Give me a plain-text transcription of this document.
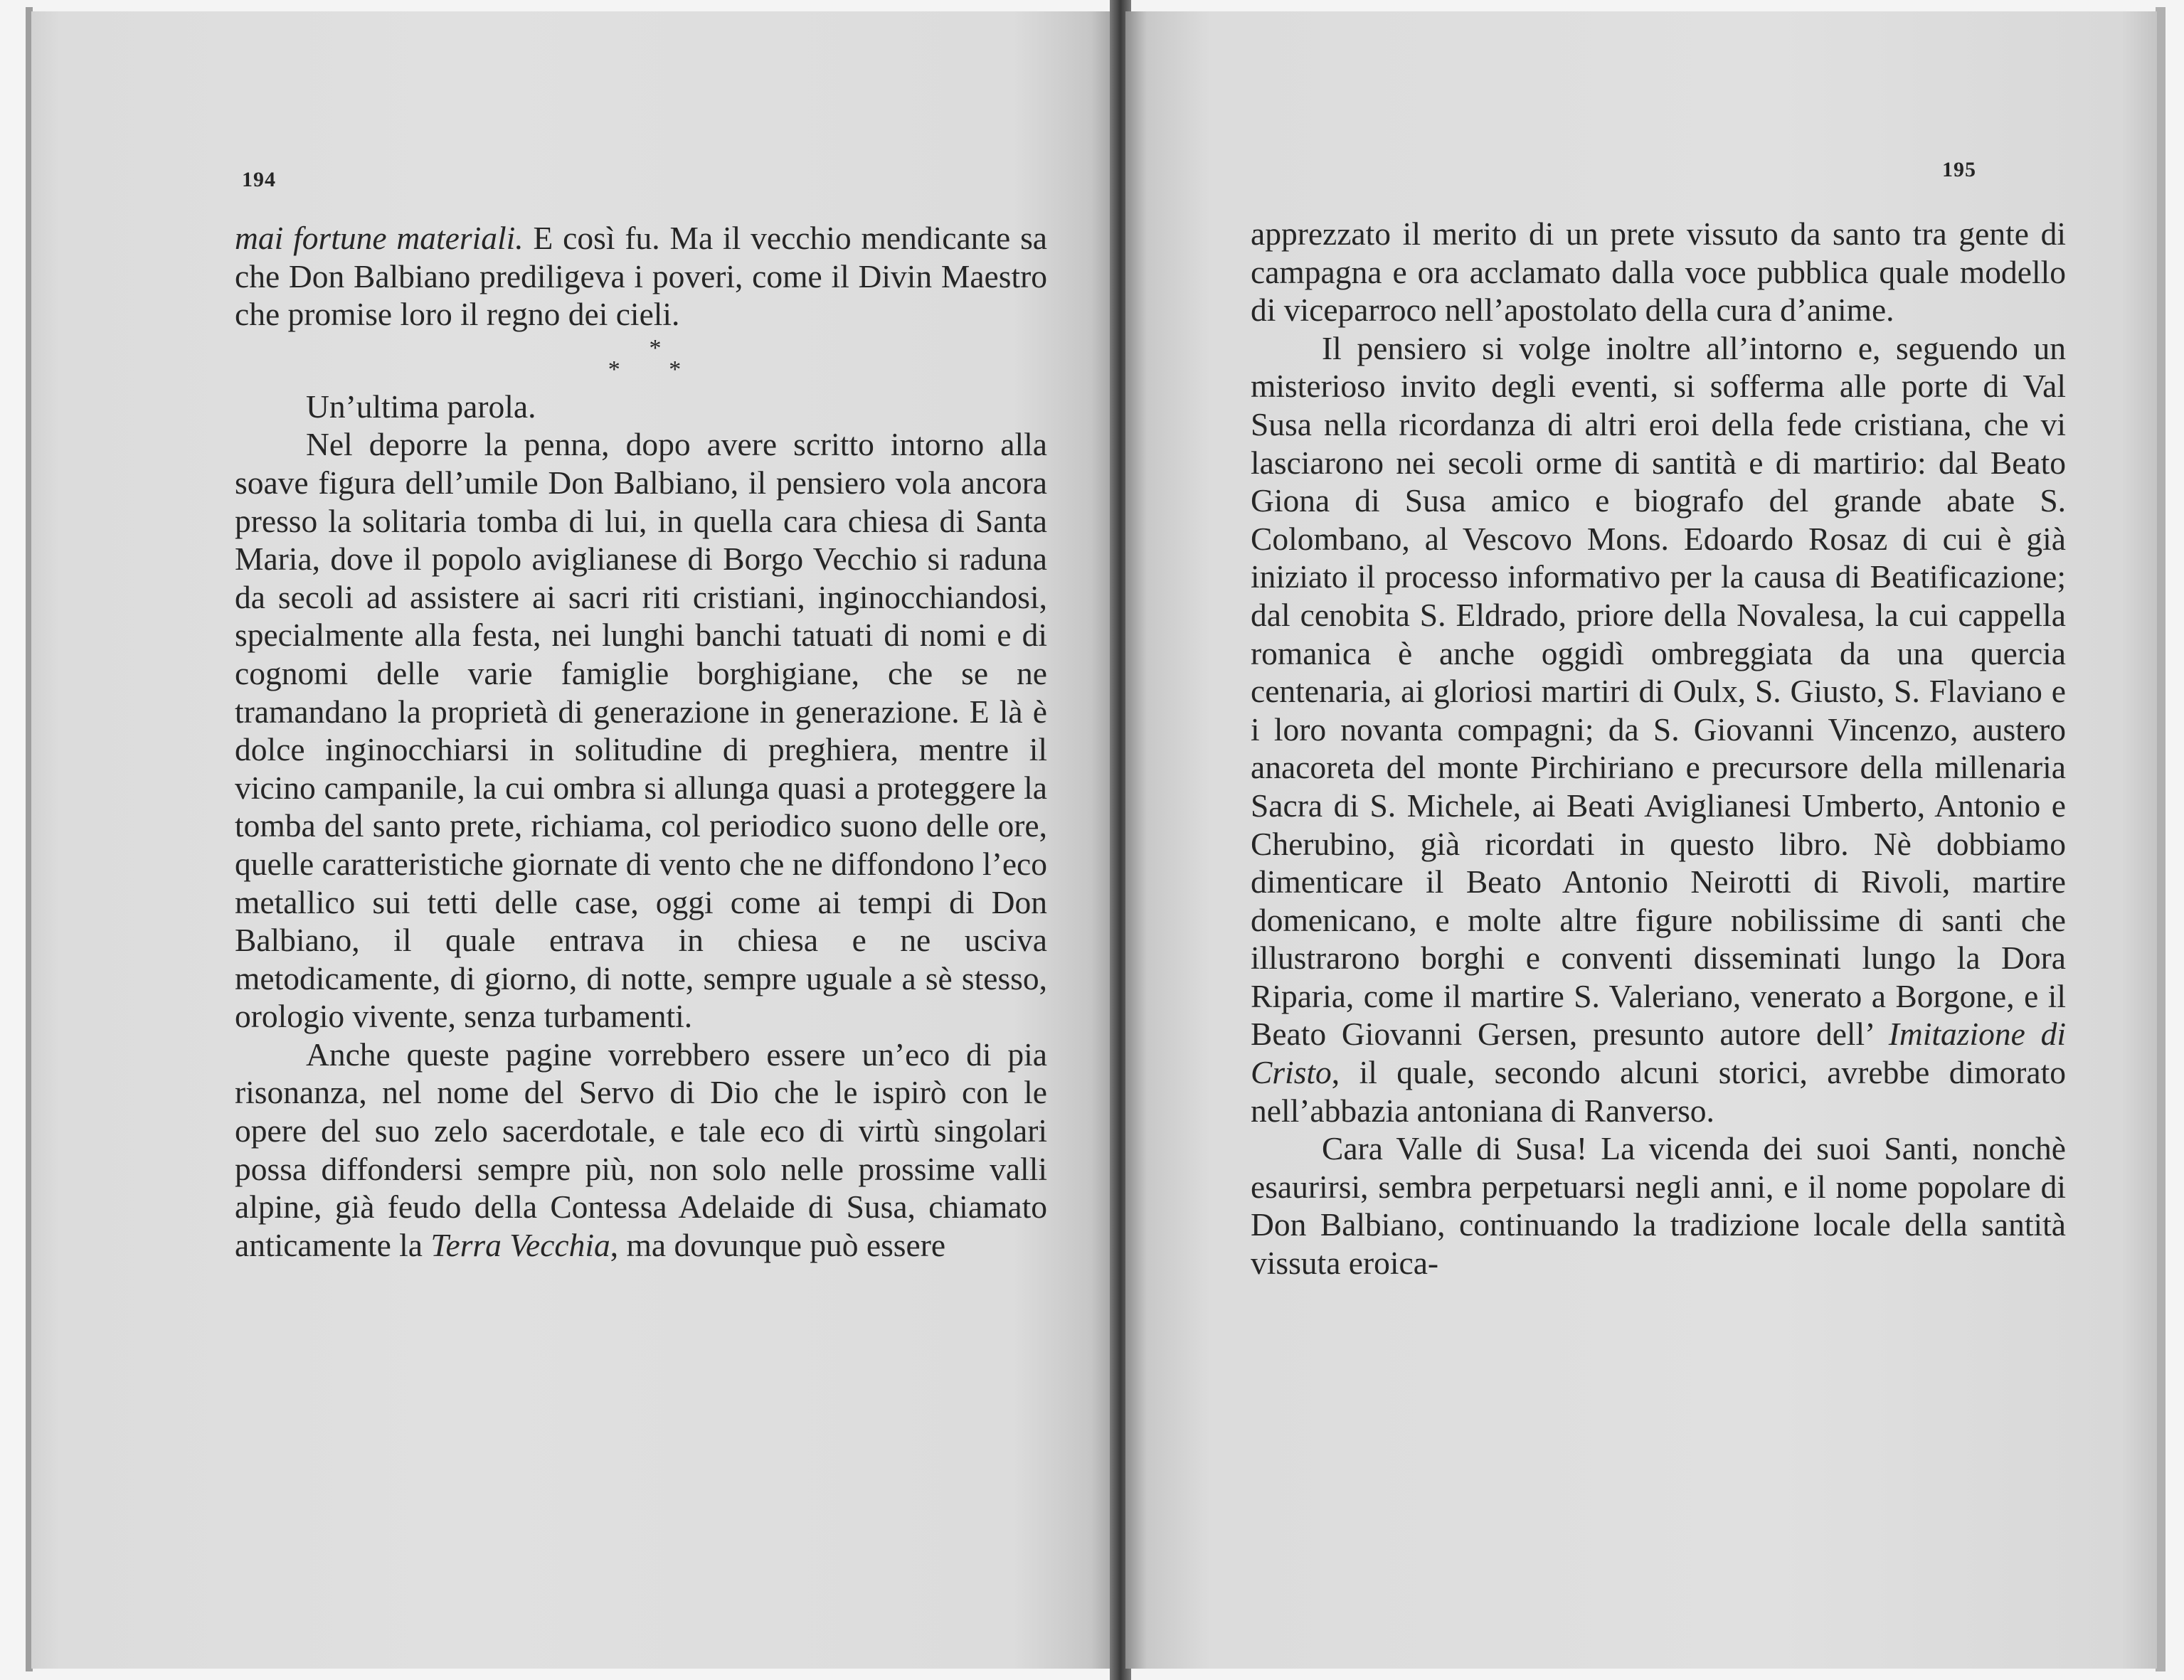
194

mai fortune materiali. E così fu. Ma il vecchio mendicante sa che Don Balbiano prediligeva i poveri, come il Divin Maestro che promise loro il regno dei cieli.

*
* *

Un’ultima parola.

Nel deporre la penna, dopo avere scritto intorno alla soave figura dell’umile Don Balbiano, il pensiero vola ancora presso la solitaria tomba di lui, in quella cara chiesa di Santa Maria, dove il popolo aviglianese di Borgo Vecchio si raduna da secoli ad assistere ai sacri riti cristiani, inginocchiandosi, specialmente alla festa, nei lunghi banchi tatuati di nomi e di cognomi delle varie famiglie borghigiane, che se ne tramandano la proprietà di generazione in generazione. E là è dolce inginocchiarsi in solitudine di preghiera, mentre il vicino campanile, la cui ombra si allunga quasi a proteggere la tomba del santo prete, richiama, col periodico suono delle ore, quelle caratteristiche giornate di vento che ne diffondono l’eco metallico sui tetti delle case, oggi come ai tempi di Don Balbiano, il quale entrava in chiesa e ne usciva metodicamente, di giorno, di notte, sempre uguale a sè stesso, orologio vivente, senza turbamenti.

Anche queste pagine vorrebbero essere un’eco di pia risonanza, nel nome del Servo di Dio che le ispirò con le opere del suo zelo sacerdotale, e tale eco di virtù singolari possa diffondersi sempre più, non solo nelle prossime valli alpine, già feudo della Contessa Adelaide di Susa, chiamato anticamente la Terra Vecchia, ma dovunque può essere

195

apprezzato il merito di un prete vissuto da santo tra gente di campagna e ora acclamato dalla voce pubblica quale modello di viceparroco nell’apostolato della cura d’anime.

Il pensiero si volge inoltre all’intorno e, seguendo un misterioso invito degli eventi, si sofferma alle porte di Val Susa nella ricordanza di altri eroi della fede cristiana, che vi lasciarono nei secoli orme di santità e di martirio: dal Beato Giona di Susa amico e biografo del grande abate S. Colombano, al Vescovo Mons. Edoardo Rosaz di cui è già iniziato il processo informativo per la causa di Beatificazione; dal cenobita S. Eldrado, priore della Novalesa, la cui cappella romanica è anche oggidì ombreggiata da una quercia centenaria, ai gloriosi martiri di Oulx, S. Giusto, S. Flaviano e i loro novanta compagni; da S. Giovanni Vincenzo, austero anacoreta del monte Pirchiriano e precursore della millenaria Sacra di S. Michele, ai Beati Aviglianesi Umberto, Antonio e Cherubino, già ricordati in questo libro. Nè dobbiamo dimenticare il Beato Antonio Neirotti di Rivoli, martire domenicano, e molte altre figure nobilissime di santi che illustrarono borghi e conventi disseminati lungo la Dora Riparia, come il martire S. Valeriano, venerato a Borgone, e il Beato Giovanni Gersen, presunto autore dell’ Imitazione di Cristo, il quale, secondo alcuni storici, avrebbe dimorato nell’abbazia antoniana di Ranverso.

Cara Valle di Susa! La vicenda dei suoi Santi, nonchè esaurirsi, sembra perpetuarsi negli anni, e il nome popolare di Don Balbiano, continuando la tradizione locale della santità vissuta eroica-
